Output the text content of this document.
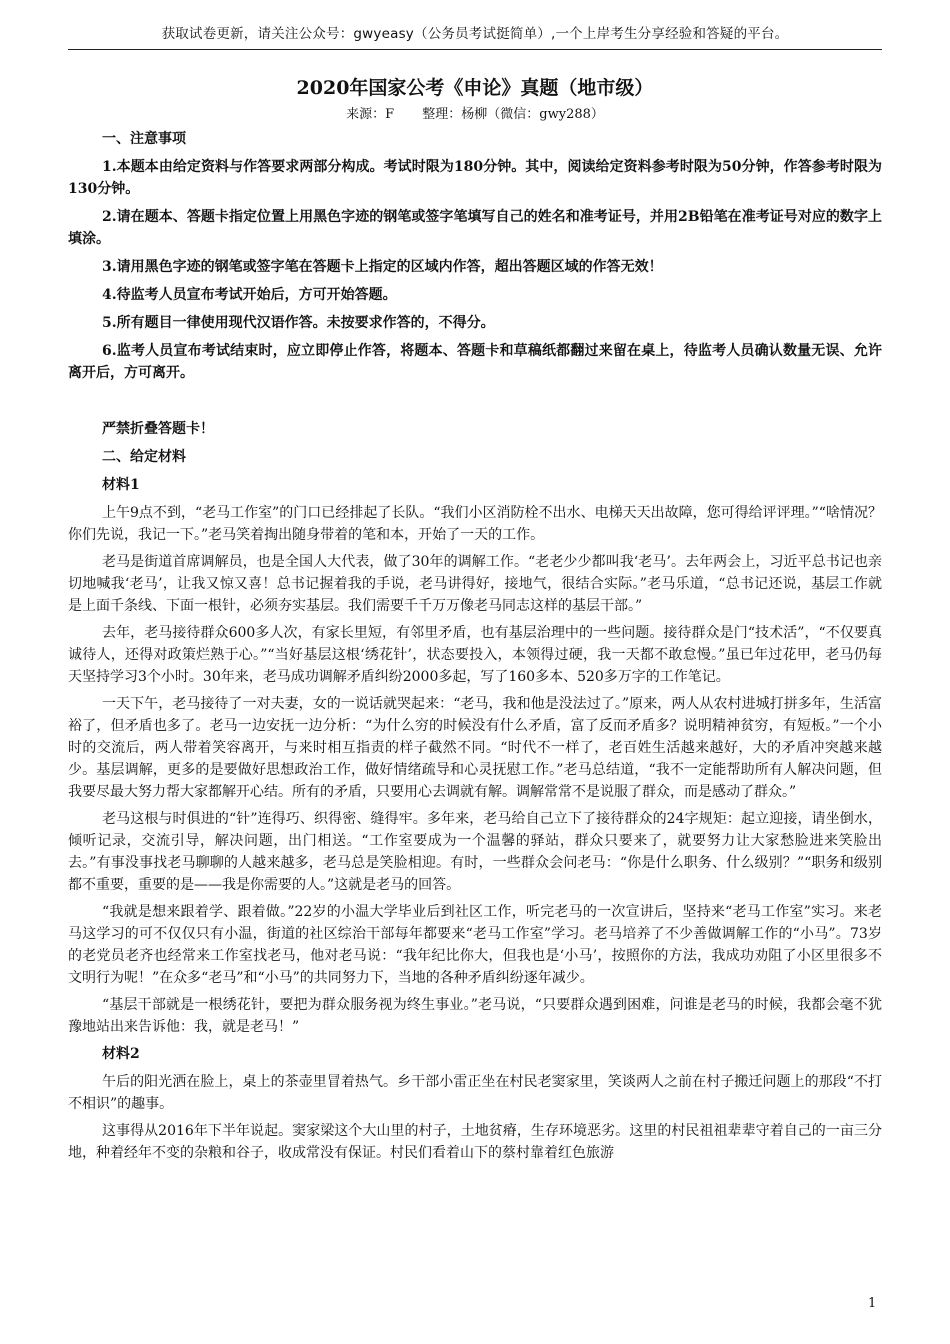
获取试卷更新，请关注公众号：gwyeasy（公务员考试挺简单）,一个上岸考生分享经验和答疑的平台。
2020年国家公考《申论》真题（地市级）
来源：F 整理：杨柳（微信：gwy288）
一、注意事项

1.本题本由给定资料与作答要求两部分构成。考试时限为180分钟。其中，阅读给定资料参考时限为50分钟，作答参考时限为130分钟。

2.请在题本、答题卡指定位置上用黑色字迹的钢笔或签字笔填写自己的姓名和准考证号，并用2B铅笔在准考证号对应的数字上填涂。

3.请用黑色字迹的钢笔或签字笔在答题卡上指定的区域内作答，超出答题区域的作答无效！

4.待监考人员宣布考试开始后，方可开始答题。

5.所有题目一律使用现代汉语作答。未按要求作答的，不得分。

6.监考人员宣布考试结束时，应立即停止作答，将题本、答题卡和草稿纸都翻过来留在桌上，待监考人员确认数量无误、允许离开后，方可离开。

严禁折叠答题卡！
二、给定材料
材料1

上午9点不到，“老马工作室”的门口已经排起了长队。“我们小区消防栓不出水、电梯天天出故障，您可得给评评理。”“啥情况？你们先说，我记一下。”老马笑着掏出随身带着的笔和本，开始了一天的工作。

老马是街道首席调解员，也是全国人大代表，做了30年的调解工作。“老老少少都叫我‘老马’。去年两会上，习近平总书记也亲切地喊我‘老马’，让我又惊又喜！总书记握着我的手说，老马讲得好，接地气，很结合实际。”老马乐道，“总书记还说，基层工作就是上面千条线、下面一根针，必须夯实基层。我们需要千千万万像老马同志这样的基层干部。”

去年，老马接待群众600多人次，有家长里短，有邻里矛盾，也有基层治理中的一些问题。接待群众是门“技术活”，“不仅要真诚待人，还得对政策烂熟于心。”“当好基层这根‘绣花针’，状态要投入，本领得过硬，我一天都不敢怠慢。”虽已年过花甲，老马仍每天坚持学习3个小时。30年来，老马成功调解矛盾纠纷2000多起，写了160多本、520多万字的工作笔记。

一天下午，老马接待了一对夫妻，女的一说话就哭起来：“老马，我和他是没法过了。”原来，两人从农村进城打拼多年，生活富裕了，但矛盾也多了。老马一边安抚一边分析：“为什么穷的时候没有什么矛盾，富了反而矛盾多？说明精神贫穷，有短板。”一个小时的交流后，两人带着笑容离开，与来时相互指责的样子截然不同。“时代不一样了，老百姓生活越来越好，大的矛盾冲突越来越少。基层调解，更多的是要做好思想政治工作，做好情绪疏导和心灵抚慰工作。”老马总结道，“我不一定能帮助所有人解决问题，但我要尽最大努力帮大家都解开心结。所有的矛盾，只要用心去调就有解。调解常常不是说服了群众，而是感动了群众。”

老马这根与时俱进的“针”连得巧、织得密、缝得牢。多年来，老马给自己立下了接待群众的24字规矩：起立迎接，请坐倒水，倾听记录，交流引导，解决问题，出门相送。“工作室要成为一个温馨的驿站，群众只要来了，就要努力让大家愁脸进来笑脸出去。”有事没事找老马聊聊的人越来越多，老马总是笑脸相迎。有时，一些群众会问老马：“你是什么职务、什么级别？”“职务和级别都不重要，重要的是——我是你需要的人。”这就是老马的回答。

“我就是想来跟着学、跟着做。”22岁的小温大学毕业后到社区工作，听完老马的一次宣讲后，坚持来“老马工作室”实习。来老马这学习的可不仅仅只有小温，街道的社区综治干部每年都要来“老马工作室”学习。老马培养了不少善做调解工作的“小马”。73岁的老党员老齐也经常来工作室找老马，他对老马说：“我年纪比你大，但我也是‘小马’，按照你的方法，我成功劝阻了小区里很多不文明行为呢！”在众多“老马”和“小马”的共同努力下，当地的各种矛盾纠纷逐年减少。

“基层干部就是一根绣花针，要把为群众服务视为终生事业。”老马说，“只要群众遇到困难，问谁是老马的时候，我都会毫不犹豫地站出来告诉他：我，就是老马！”

材料2

午后的阳光洒在脸上，桌上的茶壶里冒着热气。乡干部小雷正坐在村民老窦家里，笑谈两人之前在村子搬迁问题上的那段“不打不相识”的趣事。

这事得从2016年下半年说起。窦家梁这个大山里的村子，土地贫瘠，生存环境恶劣。这里的村民祖祖辈辈守着自己的一亩三分地，种着经年不变的杂粮和谷子，收成常没有保证。村民们看着山下的蔡村靠着红色旅游

1
